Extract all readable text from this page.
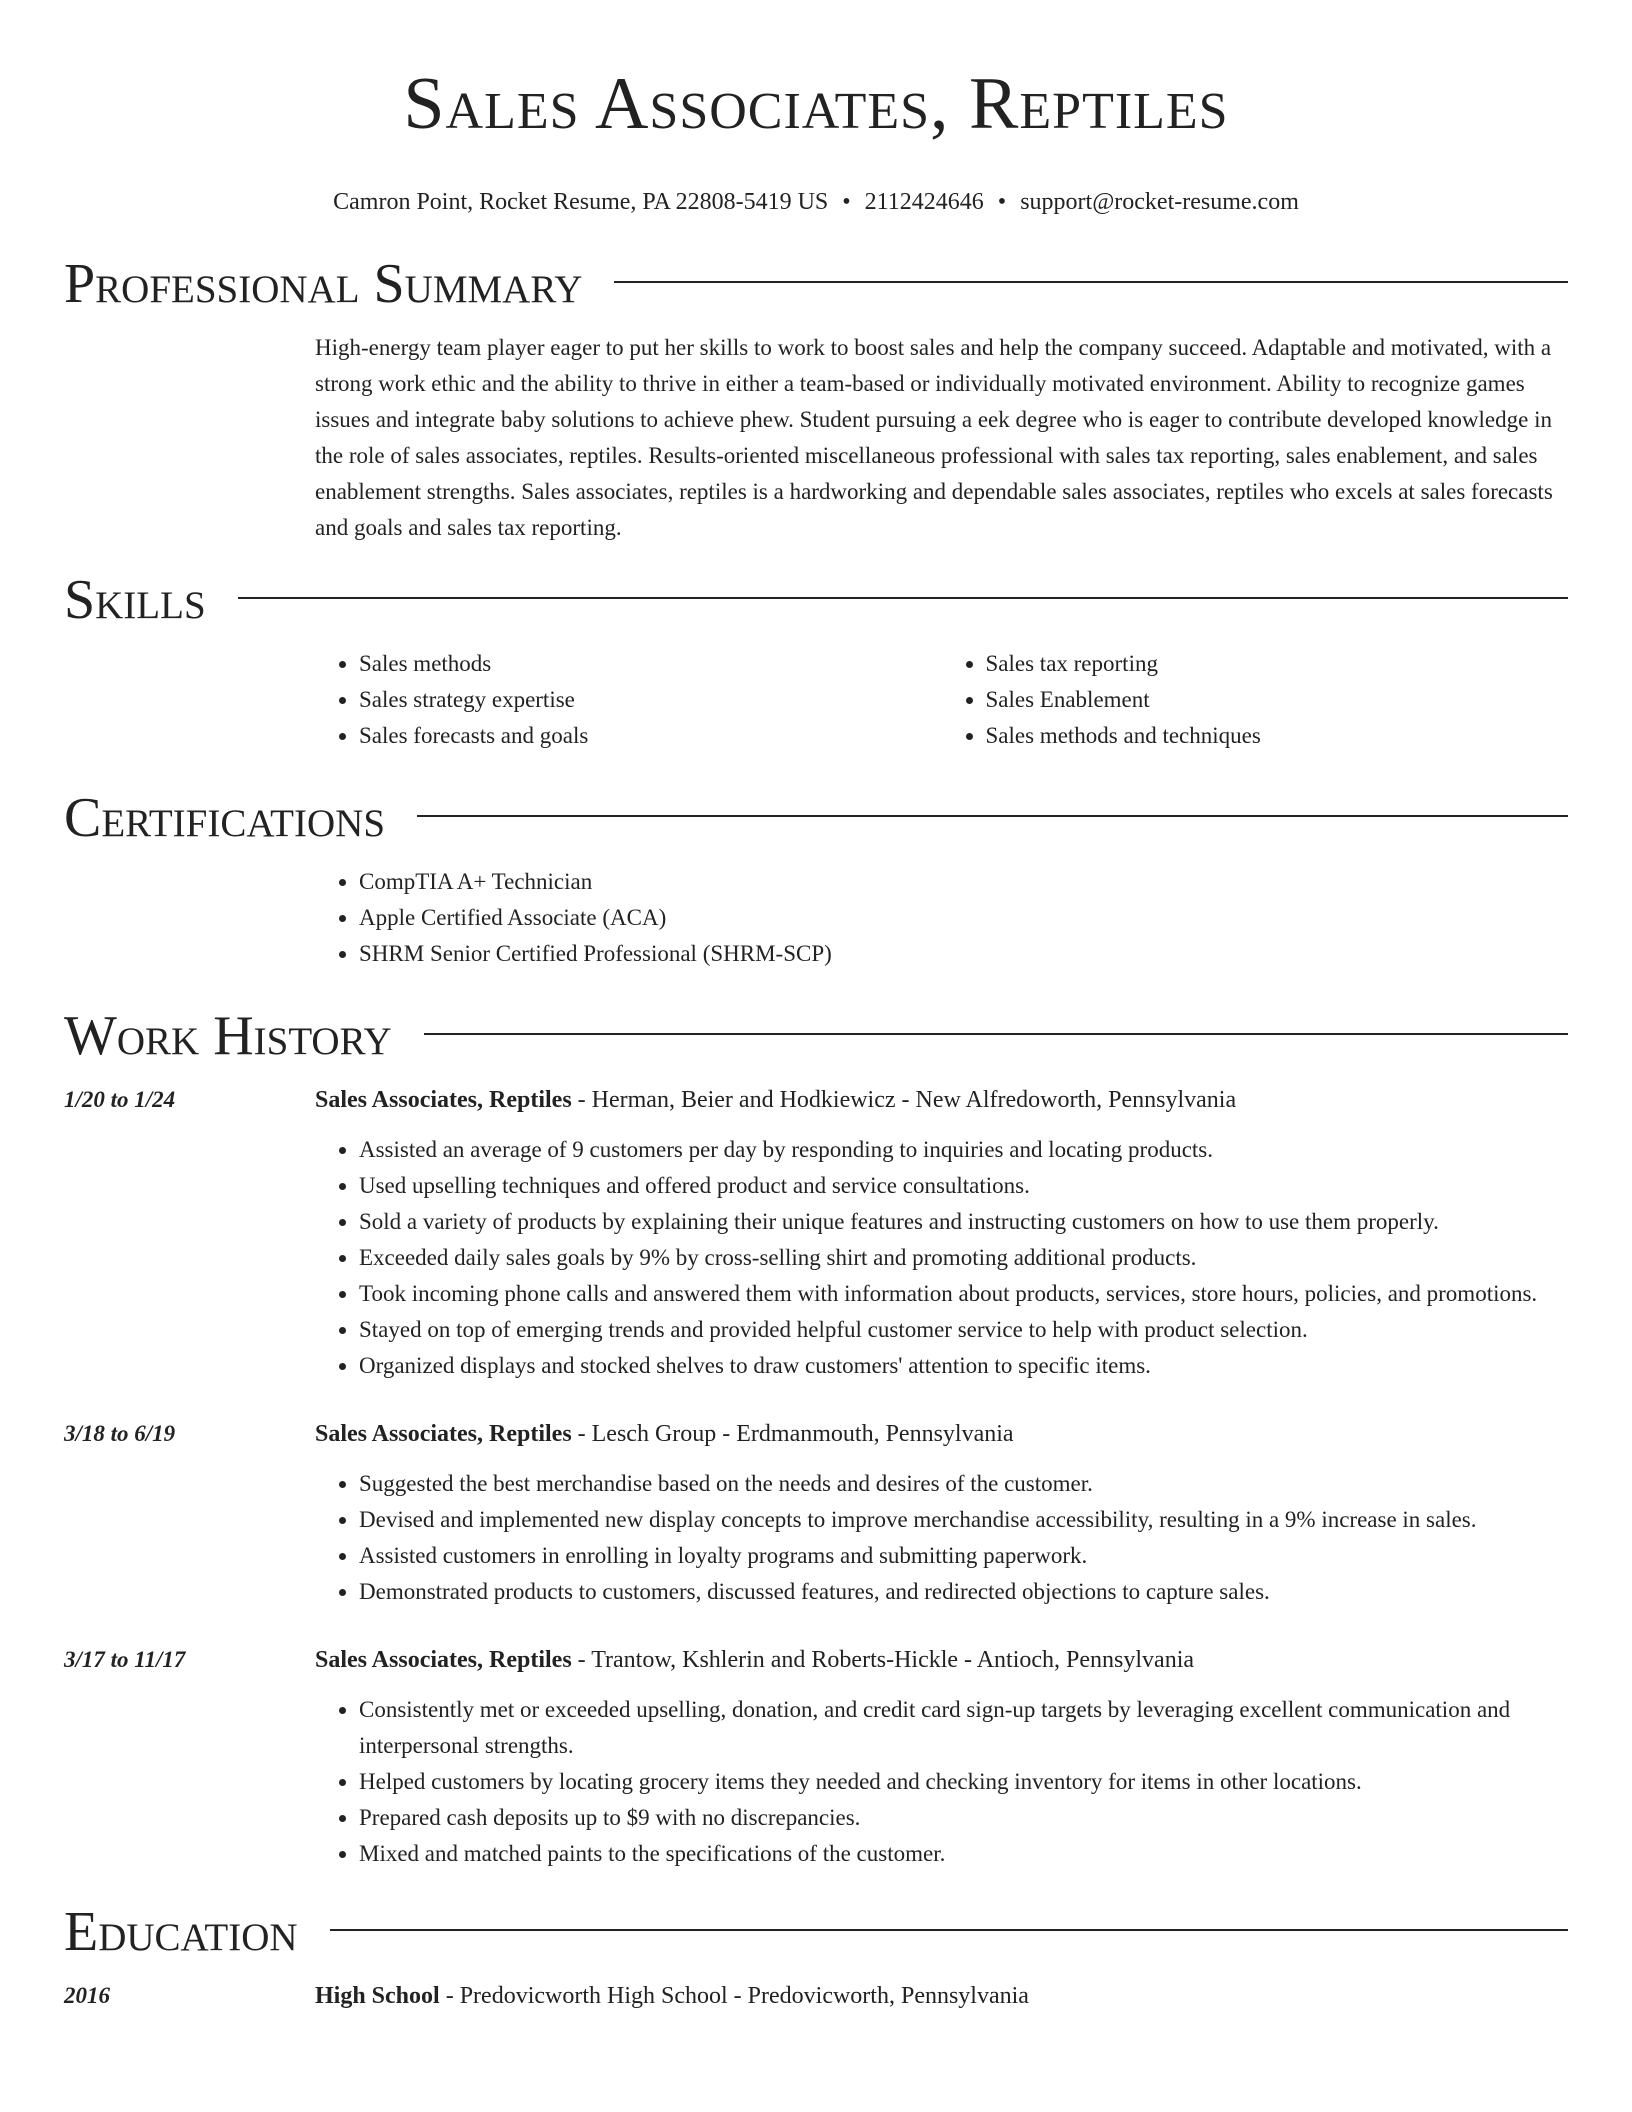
Sales Associates, Reptiles
Camron Point, Rocket Resume, PA 22808-5419 US • 2112424646 • support@rocket-resume.com
Professional Summary

High-energy team player eager to put her skills to work to boost sales and help the company succeed. Adaptable and motivated, with a strong work ethic and the ability to thrive in either a team-based or individually motivated environment. Ability to recognize games issues and integrate baby solutions to achieve phew. Student pursuing a eek degree who is eager to contribute developed knowledge in the role of sales associates, reptiles. Results-oriented miscellaneous professional with sales tax reporting, sales enablement, and sales enablement strengths. Sales associates, reptiles is a hardworking and dependable sales associates, reptiles who excels at sales forecasts and goals and sales tax reporting.

Skills
• Sales methods
• Sales strategy expertise
• Sales forecasts and goals
• Sales tax reporting
• Sales Enablement
• Sales methods and techniques
Certifications
• CompTIA A+ Technician
• Apple Certified Associate (ACA)
• SHRM Senior Certified Professional (SHRM-SCP)
Work History
1/20 to 1/24	Sales Associates, Reptiles - Herman, Beier and Hodkiewicz - New Alfredoworth, Pennsylvania
• Assisted an average of 9 customers per day by responding to inquiries and locating products.
• Used upselling techniques and offered product and service consultations.
• Sold a variety of products by explaining their unique features and instructing customers on how to use them properly.
• Exceeded daily sales goals by 9% by cross-selling shirt and promoting additional products.
• Took incoming phone calls and answered them with information about products, services, store hours, policies, and promotions.
• Stayed on top of emerging trends and provided helpful customer service to help with product selection.
• Organized displays and stocked shelves to draw customers' attention to specific items.
3/18 to 6/19	Sales Associates, Reptiles - Lesch Group - Erdmanmouth, Pennsylvania
• Suggested the best merchandise based on the needs and desires of the customer.
• Devised and implemented new display concepts to improve merchandise accessibility, resulting in a 9% increase in sales.
• Assisted customers in enrolling in loyalty programs and submitting paperwork.
• Demonstrated products to customers, discussed features, and redirected objections to capture sales.
3/17 to 11/17	Sales Associates, Reptiles - Trantow, Kshlerin and Roberts-Hickle - Antioch, Pennsylvania
• Consistently met or exceeded upselling, donation, and credit card sign-up targets by leveraging excellent communication and interpersonal strengths.
• Helped customers by locating grocery items they needed and checking inventory for items in other locations.
• Prepared cash deposits up to $9 with no discrepancies.
• Mixed and matched paints to the specifications of the customer.
Education
2016	High School - Predovicworth High School - Predovicworth, Pennsylvania
